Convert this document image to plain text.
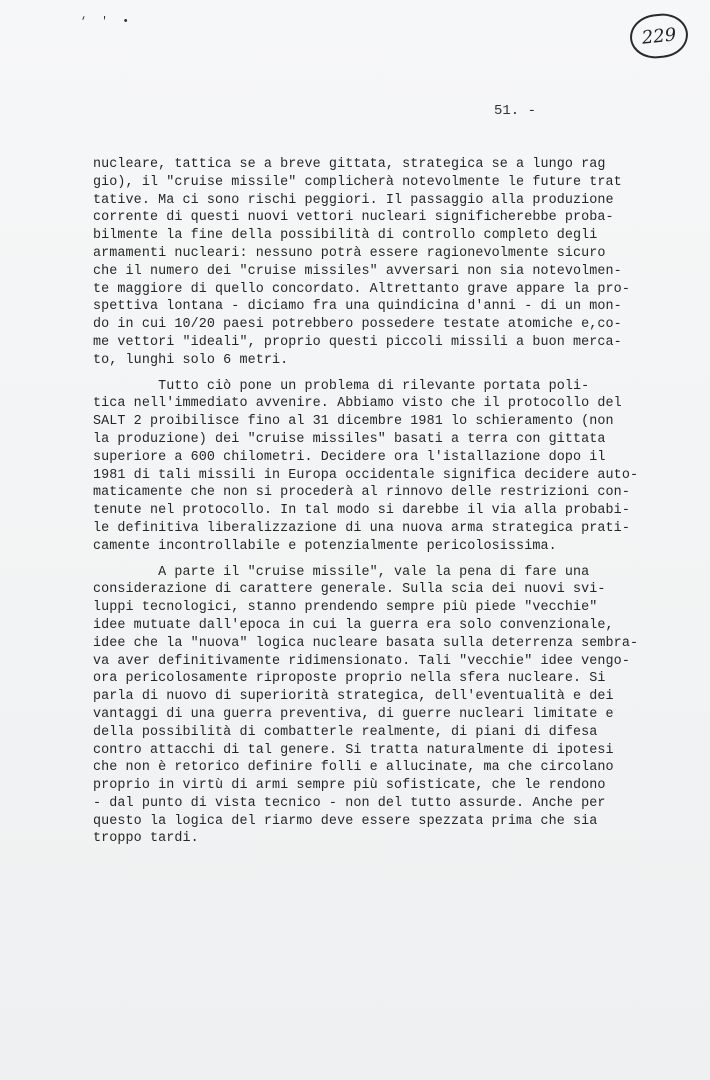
‘ ' •
229
51. -
nucleare, tattica se a breve gittata, strategica se a lungo rag
gio), il "cruise missile" complicherà notevolmente le future trat
tative. Ma ci sono rischi peggiori. Il passaggio alla produzione
corrente di questi nuovi vettori nucleari significherebbe proba-
bilmente la fine della possibilità di controllo completo degli
armamenti nucleari: nessuno potrà essere ragionevolmente sicuro
che il numero dei "cruise missiles" avversari non sia notevolmen-
te maggiore di quello concordato. Altrettanto grave appare la pro-
spettiva lontana - diciamo fra una quindicina d'anni - di un mon-
do in cui 10/20 paesi potrebbero possedere testate atomiche e,co-
me vettori "ideali", proprio questi piccoli missili a buon merca-
to, lunghi solo 6 metri.
Tutto ciò pone un problema di rilevante portata poli-
tica nell'immediato avvenire. Abbiamo visto che il protocollo del
SALT 2 proibilisce fino al 31 dicembre 1981 lo schieramento (non
la produzione) dei "cruise missiles" basati a terra con gittata
superiore a 600 chilometri. Decidere ora l'istallazione dopo il
1981 di tali missili in Europa occidentale significa decidere auto-
maticamente che non si procederà al rinnovo delle restrizioni con-
tenute nel protocollo. In tal modo si darebbe il via alla probabi-
le definitiva liberalizzazione di una nuova arma strategica prati-
camente incontrollabile e potenzialmente pericolosissima.
A parte il "cruise missile", vale la pena di fare una
considerazione di carattere generale. Sulla scia dei nuovi svi-
luppi tecnologici, stanno prendendo sempre più piede "vecchie"
idee mutuate dall'epoca in cui la guerra era solo convenzionale,
idee che la "nuova" logica nucleare basata sulla deterrenza sembra-
va aver definitivamente ridimensionato. Tali "vecchie" idee vengo-
ora pericolosamente riproposte proprio nella sfera nucleare. Si
parla di nuovo di superiorità strategica, dell'eventualità e dei
vantaggi di una guerra preventiva, di guerre nucleari limitate e
della possibilità di combatterle realmente, di piani di difesa
contro attacchi di tal genere. Si tratta naturalmente di ipotesi
che non è retorico definire folli e allucinate, ma che circolano
proprio in virtù di armi sempre più sofisticate, che le rendono
- dal punto di vista tecnico - non del tutto assurde. Anche per
questo la logica del riarmo deve essere spezzata prima che sia
troppo tardi.
